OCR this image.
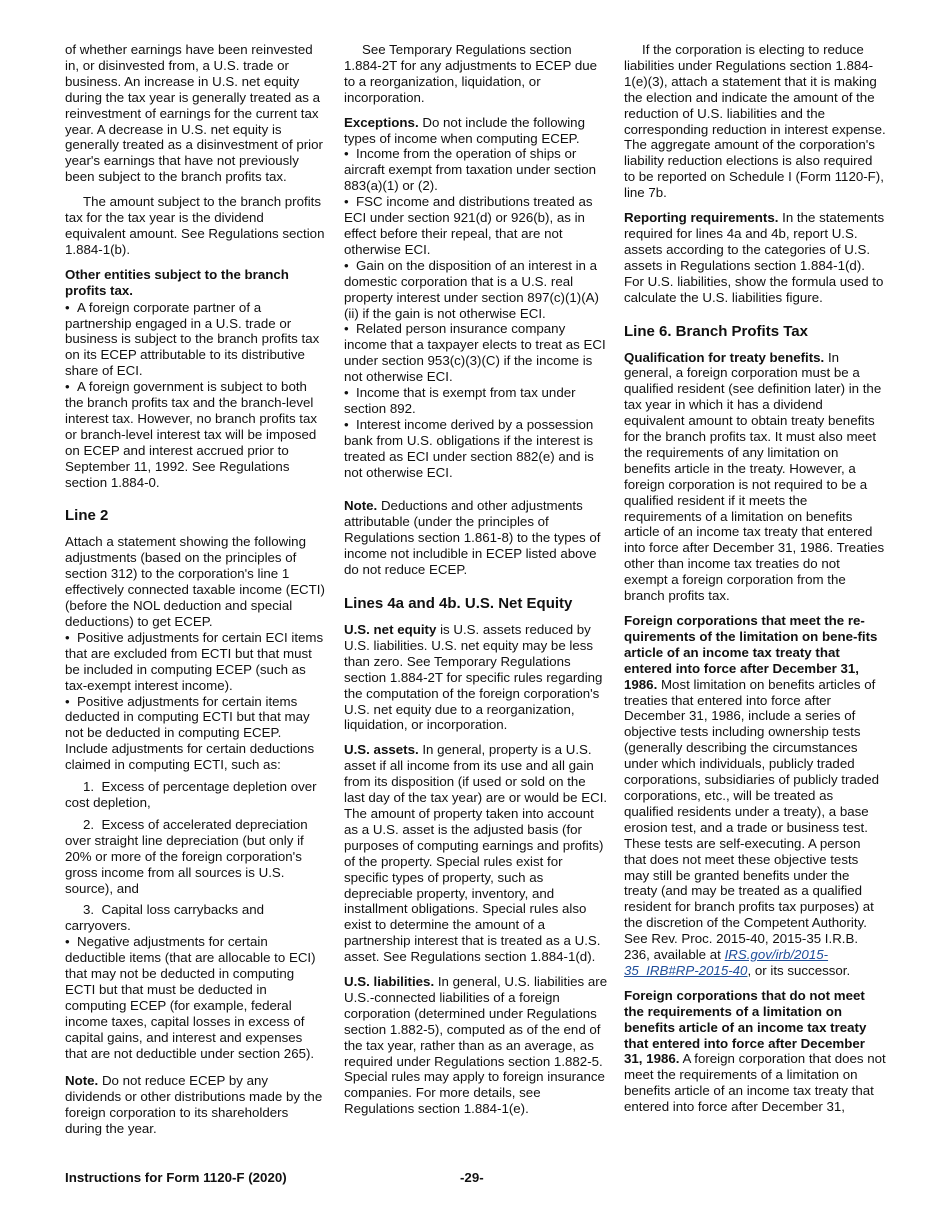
of whether earnings have been reinvested in, or disinvested from, a U.S. trade or business. An increase in U.S. net equity during the tax year is generally treated as a reinvestment of earnings for the current tax year. A decrease in U.S. net equity is generally treated as a disinvestment of prior year's earnings that have not previously been subject to the branch profits tax.

The amount subject to the branch profits tax for the tax year is the dividend equivalent amount. See Regulations section 1.884-1(b).

Other entities subject to the branch profits tax.

•  A foreign corporate partner of a partnership engaged in a U.S. trade or business is subject to the branch profits tax on its ECEP attributable to its distributive share of ECI.

•  A foreign government is subject to both the branch profits tax and the branch-level interest tax. However, no branch profits tax or branch-level interest tax will be imposed on ECEP and interest accrued prior to September 11, 1992. See Regulations section 1.884-0.

Line 2

Attach a statement showing the following adjustments (based on the principles of section 312) to the corporation's line 1 effectively connected taxable income (ECTI) (before the NOL deduction and special deductions) to get ECEP.

•  Positive adjustments for certain ECI items that are excluded from ECTI but that must be included in computing ECEP (such as tax-exempt interest income).

•  Positive adjustments for certain items deducted in computing ECTI but that may not be deducted in computing ECEP. Include adjustments for certain deductions claimed in computing ECTI, such as:

1.  Excess of percentage depletion over cost depletion,

2.  Excess of accelerated depreciation over straight line depreciation (but only if 20% or more of the foreign corporation's gross income from all sources is U.S. source), and

3.  Capital loss carrybacks and carryovers.

•  Negative adjustments for certain deductible items (that are allocable to ECI) that may not be deducted in computing ECTI but that must be deducted in computing ECEP (for example, federal income taxes, capital losses in excess of capital gains, and interest and expenses that are not deductible under section 265).

Note. Do not reduce ECEP by any dividends or other distributions made by the foreign corporation to its shareholders during the year.

See Temporary Regulations section 1.884-2T for any adjustments to ECEP due to a reorganization, liquidation, or incorporation.

Exceptions. Do not include the following types of income when computing ECEP.

•  Income from the operation of ships or aircraft exempt from taxation under section 883(a)(1) or (2).

•  FSC income and distributions treated as ECI under section 921(d) or 926(b), as in effect before their repeal, that are not otherwise ECI.

•  Gain on the disposition of an interest in a domestic corporation that is a U.S. real property interest under section 897(c)(1)(A)(ii) if the gain is not otherwise ECI.

•  Related person insurance company income that a taxpayer elects to treat as ECI under section 953(c)(3)(C) if the income is not otherwise ECI.

•  Income that is exempt from tax under section 892.

•  Interest income derived by a possession bank from U.S. obligations if the interest is treated as ECI under section 882(e) and is not otherwise ECI.

Note. Deductions and other adjustments attributable (under the principles of Regulations section 1.861-8) to the types of income not includible in ECEP listed above do not reduce ECEP.

Lines 4a and 4b. U.S. Net Equity

U.S. net equity is U.S. assets reduced by U.S. liabilities. U.S. net equity may be less than zero. See Temporary Regulations section 1.884-2T for specific rules regarding the computation of the foreign corporation's U.S. net equity due to a reorganization, liquidation, or incorporation.

U.S. assets. In general, property is a U.S. asset if all income from its use and all gain from its disposition (if used or sold on the last day of the tax year) are or would be ECI. The amount of property taken into account as a U.S. asset is the adjusted basis (for purposes of computing earnings and profits) of the property. Special rules exist for specific types of property, such as depreciable property, inventory, and installment obligations. Special rules also exist to determine the amount of a partnership interest that is treated as a U.S. asset. See Regulations section 1.884-1(d).

U.S. liabilities. In general, U.S. liabilities are U.S.-connected liabilities of a foreign corporation (determined under Regulations section 1.882-5), computed as of the end of the tax year, rather than as an average, as required under Regulations section 1.882-5. Special rules may apply to foreign insurance companies. For more details, see Regulations section 1.884-1(e).

If the corporation is electing to reduce liabilities under Regulations section 1.884-1(e)(3), attach a statement that it is making the election and indicate the amount of the reduction of U.S. liabilities and the corresponding reduction in interest expense. The aggregate amount of the corporation's liability reduction elections is also required to be reported on Schedule I (Form 1120-F), line 7b.

Reporting requirements. In the statements required for lines 4a and 4b, report U.S. assets according to the categories of U.S. assets in Regulations section 1.884-1(d). For U.S. liabilities, show the formula used to calculate the U.S. liabilities figure.

Line 6. Branch Profits Tax

Qualification for treaty benefits. In general, a foreign corporation must be a qualified resident (see definition later) in the tax year in which it has a dividend equivalent amount to obtain treaty benefits for the branch profits tax. It must also meet the requirements of any limitation on benefits article in the treaty. However, a foreign corporation is not required to be a qualified resident if it meets the requirements of a limitation on benefits article of an income tax treaty that entered into force after December 31, 1986. Treaties other than income tax treaties do not exempt a foreign corporation from the branch profits tax.

Foreign corporations that meet the re-quirements of the limitation on bene-fits article of an income tax treaty that entered into force after December 31, 1986. Most limitation on benefits articles of treaties that entered into force after December 31, 1986, include a series of objective tests including ownership tests (generally describing the circumstances under which individuals, publicly traded corporations, subsidiaries of publicly traded corporations, etc., will be treated as qualified residents under a treaty), a base erosion test, and a trade or business test. These tests are self-executing. A person that does not meet these objective tests may still be granted benefits under the treaty (and may be treated as a qualified resident for branch profits tax purposes) at the discretion of the Competent Authority. See Rev. Proc. 2015-40, 2015-35 I.R.B. 236, available at IRS.gov/irb/2015-35_IRB#RP-2015-40, or its successor.

Foreign corporations that do not meet the requirements of a limitation on benefits article of an income tax treaty that entered into force after December 31, 1986. A foreign corporation that does not meet the requirements of a limitation on benefits article of an income tax treaty that entered into force after December 31,

Instructions for Form 1120-F (2020)	-29-
